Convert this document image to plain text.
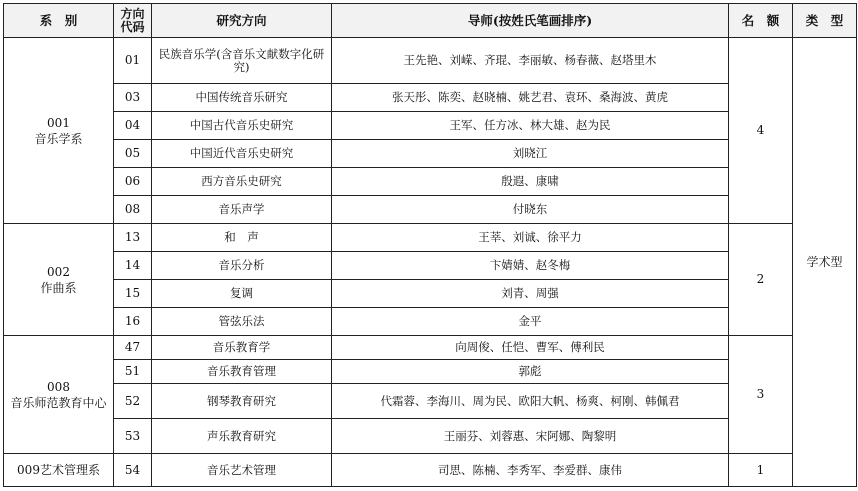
系　别	方向代码	研究方向	导师(按姓氏笔画排序)	名　额	类　型

001
音乐学系	01	民族音乐学(含音乐文献数字化研究)	王先艳、刘嵘、齐琨、李丽敏、杨春薇、赵塔里木	4	学术型
	03	中国传统音乐研究	张天彤、陈奕、赵晓楠、姚艺君、袁环、桑海波、黄虎		
	04	中国古代音乐史研究	王军、任方冰、林大雄、赵为民		
	05	中国近代音乐史研究	刘晓江		
	06	西方音乐史研究	殷遐、康啸		
	08	音乐声学	付晓东		

002
作曲系	13	和　声	王莘、刘诚、徐平力	2	
	14	音乐分析	卞婧婧、赵冬梅		
	15	复调	刘青、周强		
	16	管弦乐法	金平		

008
音乐师范教育中心	47	音乐教育学	向周俊、任恺、曹军、傅利民	3	
	51	音乐教育管理	郭彪		
	52	钢琴教育研究	代霜蓉、李海川、周为民、欧阳大帆、杨爽、柯刚、韩佩君		
	53	声乐教育研究	王丽芬、刘蓉惠、宋阿娜、陶黎明		

009艺术管理系	54	音乐艺术管理	司思、陈楠、李秀军、李爱群、康伟	1	
